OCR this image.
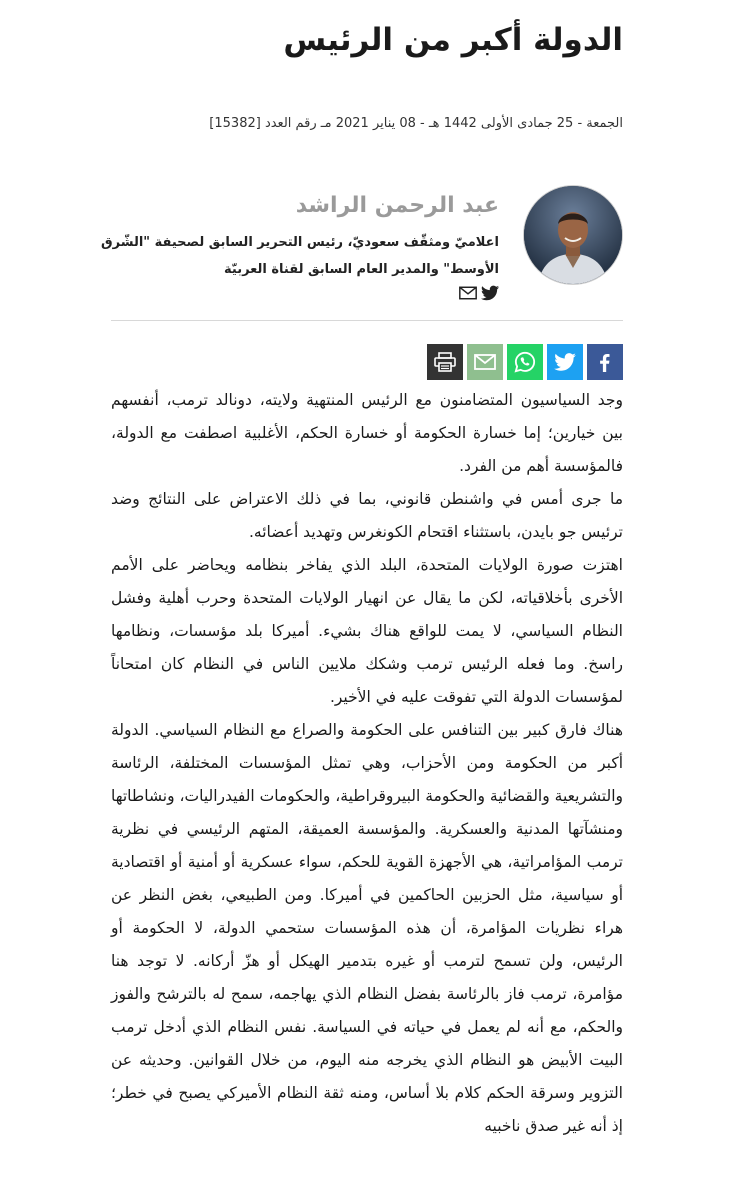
الدولة أكبر من الرئيس
الجمعة - 25 جمادى الأولى 1442 هـ - 08 يناير 2021 مـ رقم العدد [15382]
عبد الرحمن الراشد
اعلاميّ ومثقّف سعوديّ، رئيس التحرير السابق لصحيفة "الشّرق الأوسط" والمدير العام السابق لقناة العربيّة

وجد السياسيون المتضامنون مع الرئيس المنتهية ولايته، دونالد ترمب، أنفسهم بين خيارين؛ إما خسارة الحكومة أو خسارة الحكم، الأغلبية اصطفت مع الدولة، فالمؤسسة أهم من الفرد.

ما جرى أمس في واشنطن قانوني، بما في ذلك الاعتراض على النتائج وضد ترئيس جو بايدن، باستثناء اقتحام الكونغرس وتهديد أعضائه.

اهتزت صورة الولايات المتحدة، البلد الذي يفاخر بنظامه ويحاضر على الأمم الأخرى بأخلاقياته، لكن ما يقال عن انهيار الولايات المتحدة وحرب أهلية وفشل النظام السياسي، لا يمت للواقع هناك بشيء. أميركا بلد مؤسسات، ونظامها راسخ. وما فعله الرئيس ترمب وشكك ملايين الناس في النظام كان امتحاناً لمؤسسات الدولة التي تفوقت عليه في الأخير.

هناك فارق كبير بين التنافس على الحكومة والصراع مع النظام السياسي. الدولة أكبر من الحكومة ومن الأحزاب، وهي تمثل المؤسسات المختلفة، الرئاسة والتشريعية والقضائية والحكومة البيروقراطية، والحكومات الفيدراليات، ونشاطاتها ومنشآتها المدنية والعسكرية. والمؤسسة العميقة، المتهم الرئيسي في نظرية ترمب المؤامراتية، هي الأجهزة القوية للحكم، سواء عسكرية أو أمنية أو اقتصادية أو سياسية، مثل الحزبين الحاكمين في أميركا. ومن الطبيعي، بغض النظر عن هراء نظريات المؤامرة، أن هذه المؤسسات ستحمي الدولة، لا الحكومة أو الرئيس، ولن تسمح لترمب أو غيره بتدمير الهيكل أو هزّ أركانه. لا توجد هنا مؤامرة، ترمب فاز بالرئاسة بفضل النظام الذي يهاجمه، سمح له بالترشح والفوز والحكم، مع أنه لم يعمل في حياته في السياسة. نفس النظام الذي أدخل ترمب البيت الأبيض هو النظام الذي يخرجه منه اليوم، من خلال القوانين. وحديثه عن التزوير وسرقة الحكم كلام بلا أساس، ومنه ثقة النظام الأميركي يصبح في خطر؛ إذ أنه غير صدق ناخبيه
